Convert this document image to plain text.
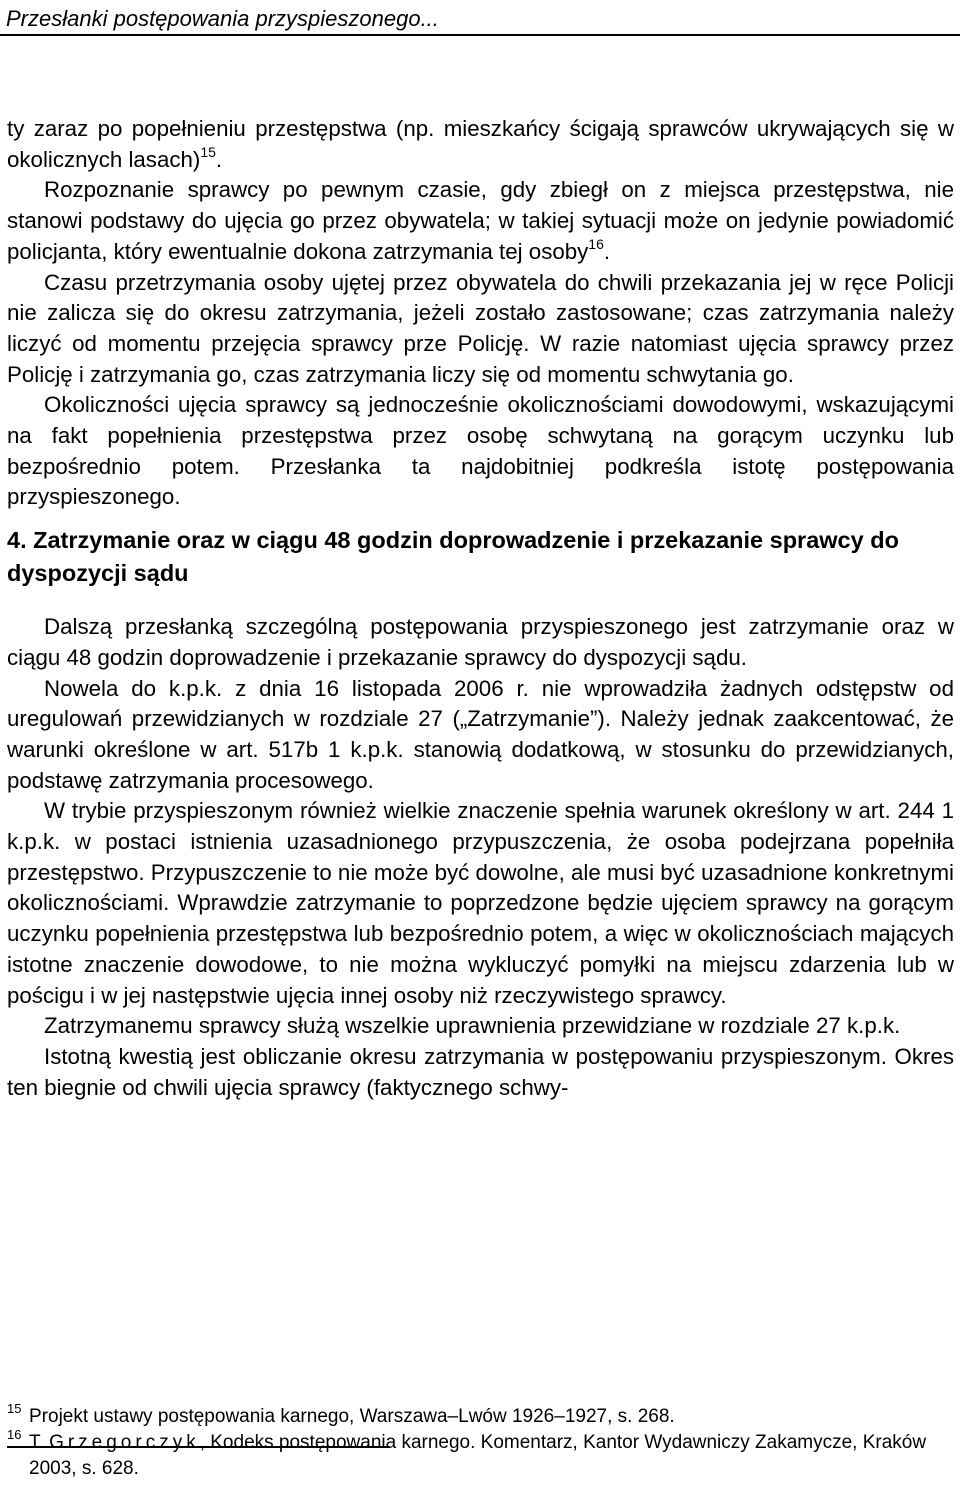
Przesłanki postępowania przyspieszonego...

ty zaraz po popełnieniu przestępstwa (np. mieszkańcy ścigają sprawców ukrywających się w okolicznych lasach)$^{15}$.

Rozpoznanie sprawcy po pewnym czasie, gdy zbiegł on z miejsca przestępstwa, nie stanowi podstawy do ujęcia go przez obywatela; w takiej sytuacji może on jedynie powiadomić policjanta, który ewentualnie dokona zatrzymania tej osoby$^{16}$.

Czasu przetrzymania osoby ujętej przez obywatela do chwili przekazania jej w ręce Policji nie zalicza się do okresu zatrzymania, jeżeli zostało zastosowane; czas zatrzymania należy liczyć od momentu przejęcia sprawcy prze Policję. W razie natomiast ujęcia sprawcy przez Policję i zatrzymania go, czas zatrzymania liczy się od momentu schwytania go.

Okoliczności ujęcia sprawcy są jednocześnie okolicznościami dowodowymi, wskazującymi na fakt popełnienia przestępstwa przez osobę schwytaną na gorącym uczynku lub bezpośrednio potem. Przesłanka ta najdobitniej podkreśla istotę postępowania przyspieszonego.

4. Zatrzymanie oraz w ciągu 48 godzin doprowadzenie i przekazanie sprawcy do dyspozycji sądu

Dalszą przesłanką szczególną postępowania przyspieszonego jest zatrzymanie oraz w ciągu 48 godzin doprowadzenie i przekazanie sprawcy do dyspozycji sądu.

Nowela do k.p.k. z dnia 16 listopada 2006 r. nie wprowadziła żadnych odstępstw od uregulowań przewidzianych w rozdziale 27 („Zatrzymanie”). Należy jednak zaakcentować, że warunki określone w art. 517b 1 k.p.k. stanowią dodatkową, w stosunku do przewidzianych, podstawę zatrzymania procesowego.

W trybie przyspieszonym również wielkie znaczenie spełnia warunek określony w art. 244 1 k.p.k. w postaci istnienia uzasadnionego przypuszczenia, że osoba podejrzana popełniła przestępstwo. Przypuszczenie to nie może być dowolne, ale musi być uzasadnione konkretnymi okolicznościami. Wprawdzie zatrzymanie to poprzedzone będzie ujęciem sprawcy na gorącym uczynku popełnienia przestępstwa lub bezpośrednio potem, a więc w okolicznościach mających istotne znaczenie dowodowe, to nie można wykluczyć pomyłki na miejscu zdarzenia lub w pościgu i w jej następstwie ujęcia innej osoby niż rzeczywistego sprawcy.

Zatrzymanemu sprawcy służą wszelkie uprawnienia przewidziane w rozdziale 27 k.p.k.

Istotną kwestią jest obliczanie okresu zatrzymania w postępowaniu przyspieszonym. Okres ten biegnie od chwili ujęcia sprawcy (faktycznego schwy-

15 Projekt ustawy postępowania karnego, Warszawa–Lwów 1926–1927, s. 268.

16 T. Grzegorczyk, Kodeks postępowania karnego. Komentarz, Kantor Wydawniczy Zakamycze, Kraków 2003, s. 628.
